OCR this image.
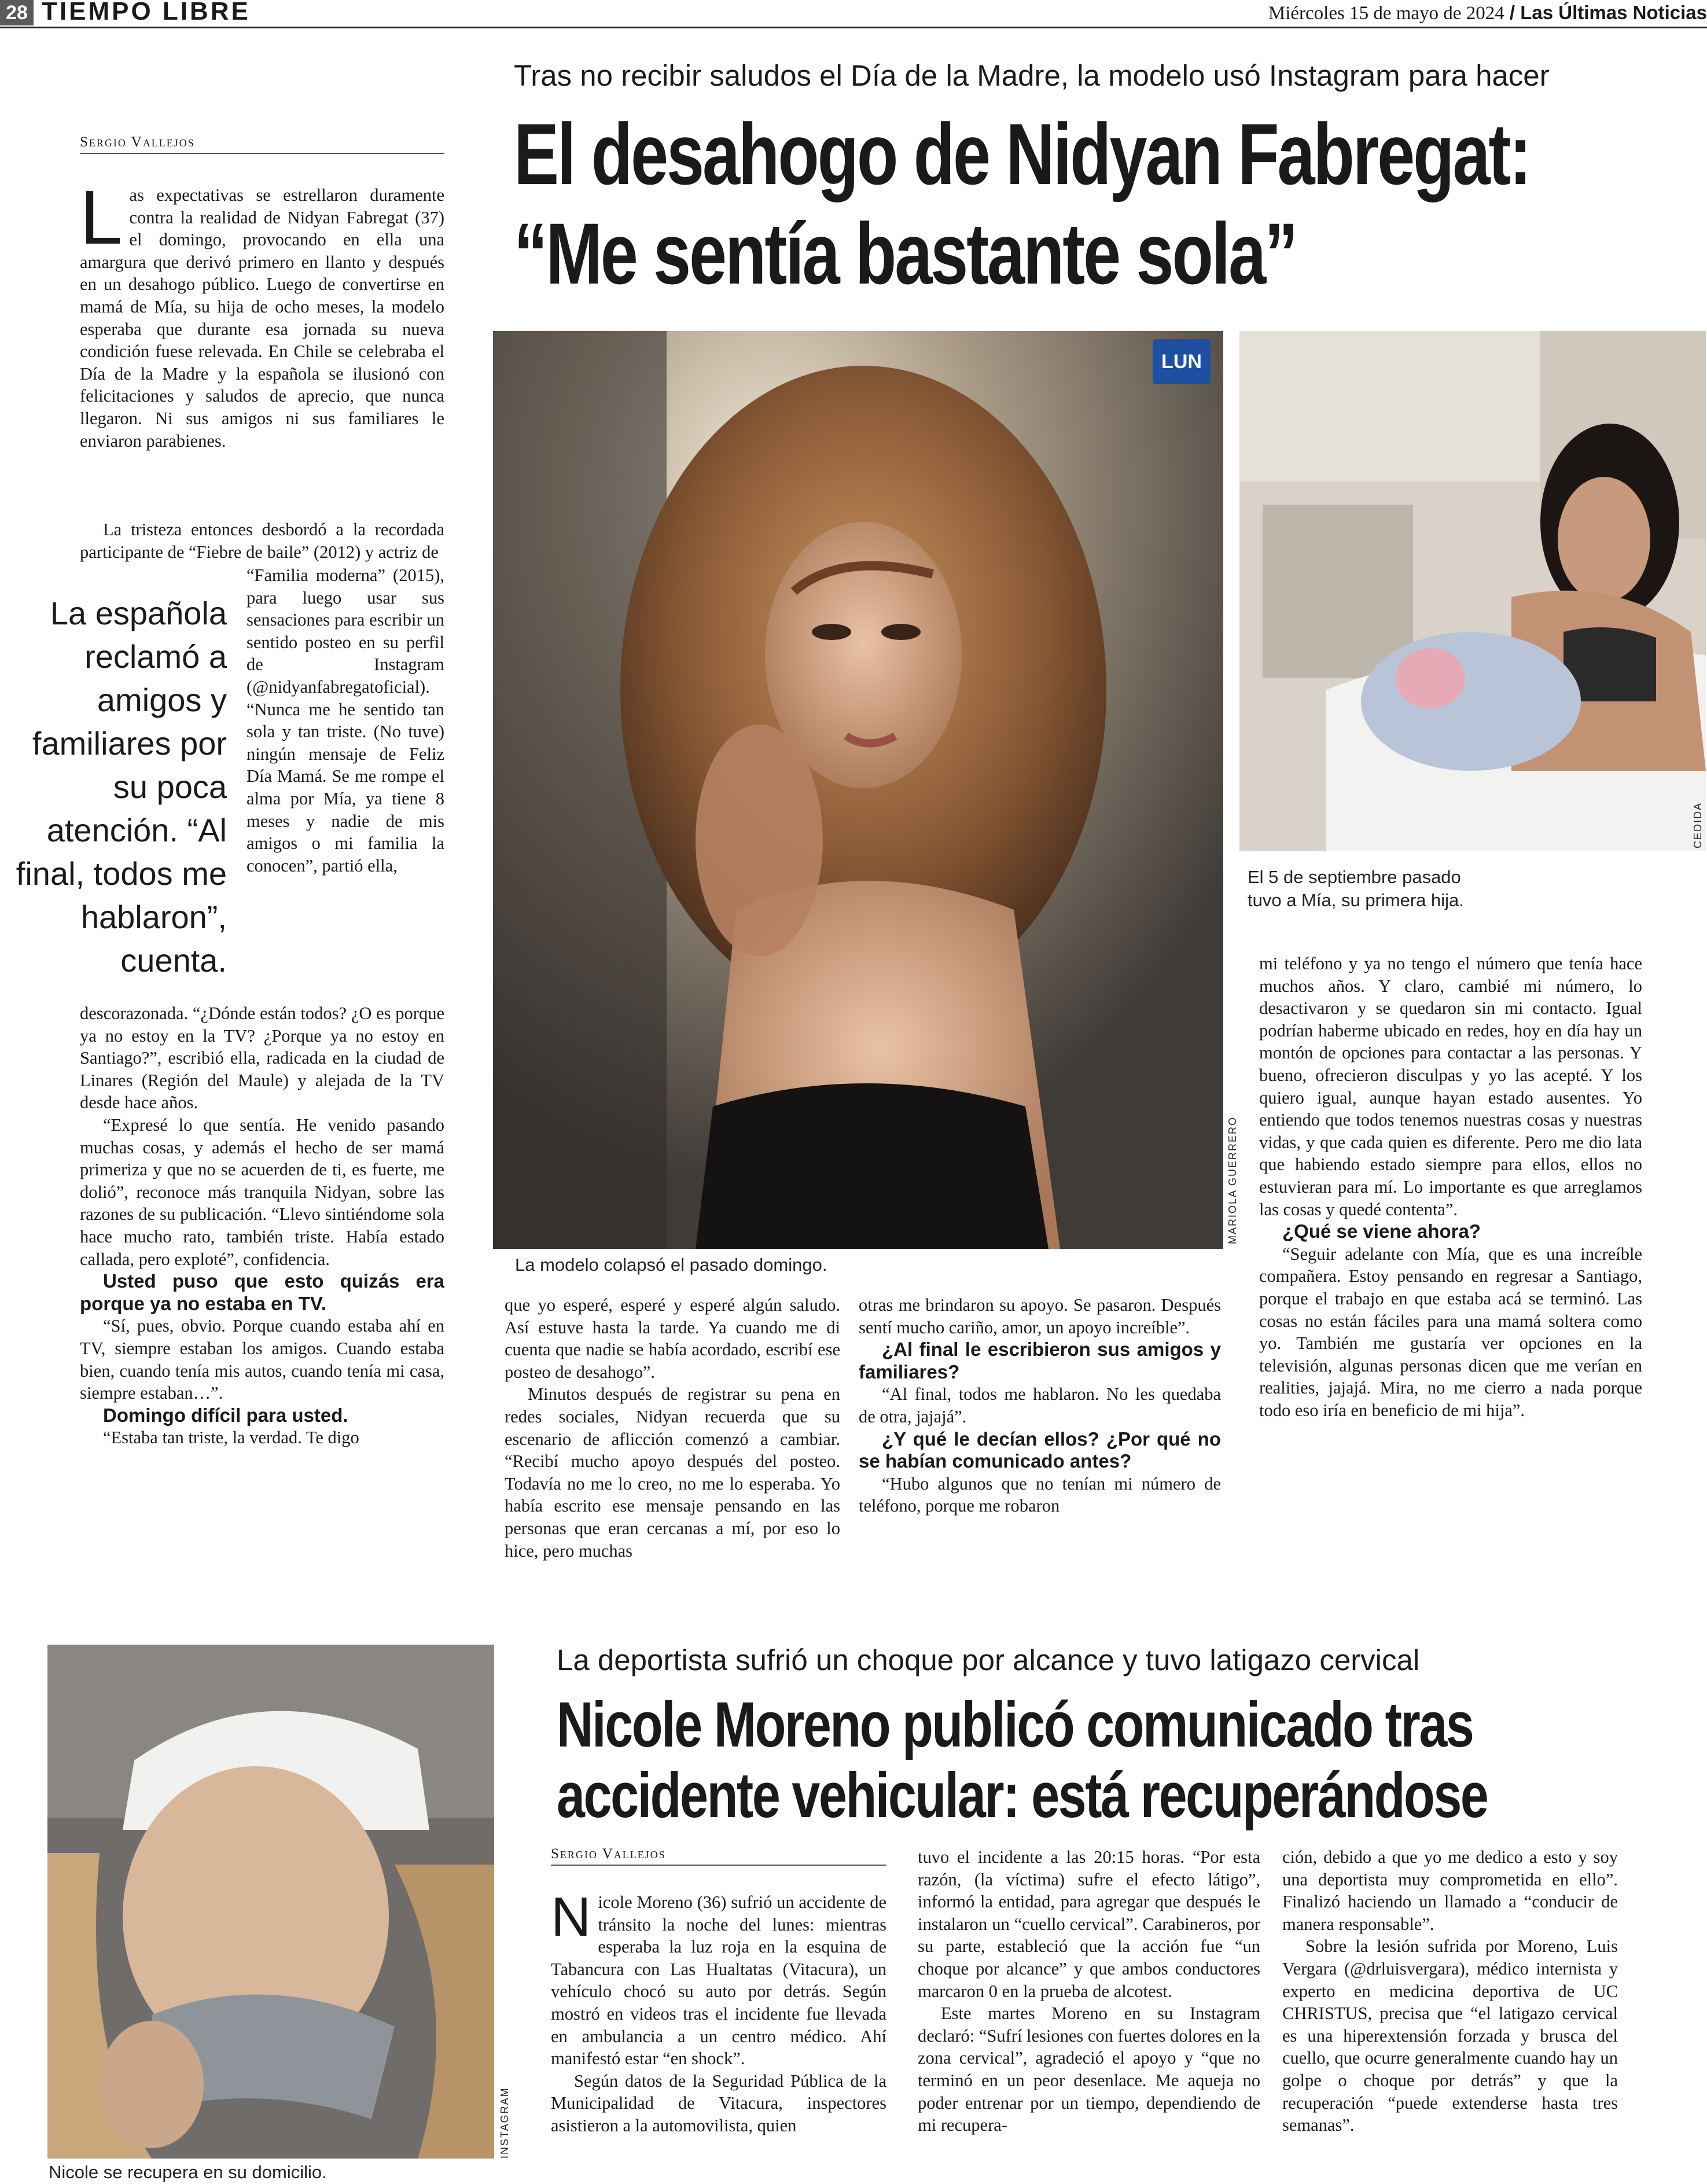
28 TIEMPO LIBRE	Miércoles 15 de mayo de 2024 / Las Últimas Noticias
Tras no recibir saludos el Día de la Madre, la modelo usó Instagram para hacer
El desahogo de Nidyan Fabregat:
“Me sentía bastante sola”
Sergio Vallejos

Las expectativas se estrellaron duramente contra la realidad de Nidyan Fabregat (37) el domingo, provocando en ella una amargura que derivó primero en llanto y después en un desahogo público. Luego de convertirse en mamá de Mía, su hija de ocho meses, la modelo esperaba que durante esa jornada su nueva condición fuese relevada. En Chile se celebraba el Día de la Madre y la española se ilusionó con felicitaciones y saludos de aprecio, que nunca llegaron. Ni sus amigos ni sus familiares le enviaron parabienes.

La tristeza entonces desbordó a la recordada participante de “Fiebre de baile” (2012) y actriz de

“Familia moderna” (2015), para luego usar sus sensaciones para escribir un sentido posteo en su perfil de Instagram (@nidyanfabregatoficial). “Nunca me he sentido tan sola y tan triste. (No tuve) ningún mensaje de Feliz Día Mamá. Se me rompe el alma por Mía, ya tiene 8 meses y nadie de mis amigos o mi familia la conocen”, partió ella,

La española reclamó a amigos y familiares por su poca atención. “Al final, todos me hablaron”, cuenta.

descorazonada. “¿Dónde están todos? ¿O es porque ya no estoy en la TV? ¿Porque ya no estoy en Santiago?”, escribió ella, radicada en la ciudad de Linares (Región del Maule) y alejada de la TV desde hace años.

“Expresé lo que sentía. He venido pasando muchas cosas, y además el hecho de ser mamá primeriza y que no se acuerden de ti, es fuerte, me dolió”, reconoce más tranquila Nidyan, sobre las razones de su publicación. “Llevo sintiéndome sola hace mucho rato, también triste. Había estado callada, pero exploté”, confidencia.

Usted puso que esto quizás era porque ya no estaba en TV.

“Sí, pues, obvio. Porque cuando estaba ahí en TV, siempre estaban los amigos. Cuando estaba bien, cuando tenía mis autos, cuando tenía mi casa, siempre estaban…”.

Domingo difícil para usted.

“Estaba tan triste, la verdad. Te digo

LUN
MARIOLA GUERRERO
La modelo colapsó el pasado domingo.
CEDIDA
El 5 de septiembre pasado
tuvo a Mía, su primera hija.

que yo esperé, esperé y esperé algún saludo. Así estuve hasta la tarde. Ya cuando me di cuenta que nadie se había acordado, escribí ese posteo de desahogo”.

Minutos después de registrar su pena en redes sociales, Nidyan recuerda que su escenario de aflicción comenzó a cambiar. “Recibí mucho apoyo después del posteo. Todavía no me lo creo, no me lo esperaba. Yo había escrito ese mensaje pensando en las personas que eran cercanas a mí, por eso lo hice, pero muchas

otras me brindaron su apoyo. Se pasaron. Después sentí mucho cariño, amor, un apoyo increíble”.

¿Al final le escribieron sus amigos y familiares?

“Al final, todos me hablaron. No les quedaba de otra, jajajá”.

¿Y qué le decían ellos? ¿Por qué no se habían comunicado antes?

“Hubo algunos que no tenían mi número de teléfono, porque me robaron

mi teléfono y ya no tengo el número que tenía hace muchos años. Y claro, cambié mi número, lo desactivaron y se quedaron sin mi contacto. Igual podrían haberme ubicado en redes, hoy en día hay un montón de opciones para contactar a las personas. Y bueno, ofrecieron disculpas y yo las acepté. Y los quiero igual, aunque hayan estado ausentes. Yo entiendo que todos tenemos nuestras cosas y nuestras vidas, y que cada quien es diferente. Pero me dio lata que habiendo estado siempre para ellos, ellos no estuvieran para mí. Lo importante es que arreglamos las cosas y quedé contenta”.

¿Qué se viene ahora?

“Seguir adelante con Mía, que es una increíble compañera. Estoy pensando en regresar a Santiago, porque el trabajo en que estaba acá se terminó. Las cosas no están fáciles para una mamá soltera como yo. También me gustaría ver opciones en la televisión, algunas personas dicen que me verían en realities, jajajá. Mira, no me cierro a nada porque todo eso iría en beneficio de mi hija”.

INSTAGRAM
Nicole se recupera en su domicilio.
La deportista sufrió un choque por alcance y tuvo latigazo cervical
Nicole Moreno publicó comunicado tras
accidente vehicular: está recuperándose
Sergio Vallejos

Nicole Moreno (36) sufrió un accidente de tránsito la noche del lunes: mientras esperaba la luz roja en la esquina de Tabancura con Las Hualtatas (Vitacura), un vehículo chocó su auto por detrás. Según mostró en videos tras el incidente fue llevada en ambulancia a un centro médico. Ahí manifestó estar “en shock”.

Según datos de la Seguridad Pública de la Municipalidad de Vitacura, inspectores asistieron a la automovilista, quien

tuvo el incidente a las 20:15 horas. “Por esta razón, (la víctima) sufre el efecto látigo”, informó la entidad, para agregar que después le instalaron un “cuello cervical”. Carabineros, por su parte, estableció que la acción fue “un choque por alcance” y que ambos conductores marcaron 0 en la prueba de alcotest.

Este martes Moreno en su Instagram declaró: “Sufrí lesiones con fuertes dolores en la zona cervical”, agradeció el apoyo y “que no terminó en un peor desenlace. Me aqueja no poder entrenar por un tiempo, dependiendo de mi recupera-

ción, debido a que yo me dedico a esto y soy una deportista muy comprometida en ello”. Finalizó haciendo un llamado a “conducir de manera responsable”.

Sobre la lesión sufrida por Moreno, Luis Vergara (@drluisvergara), médico internista y experto en medicina deportiva de UC CHRISTUS, precisa que “el latigazo cervical es una hiperextensión forzada y brusca del cuello, que ocurre generalmente cuando hay un golpe o choque por detrás” y que la recuperación “puede extenderse hasta tres semanas”.
